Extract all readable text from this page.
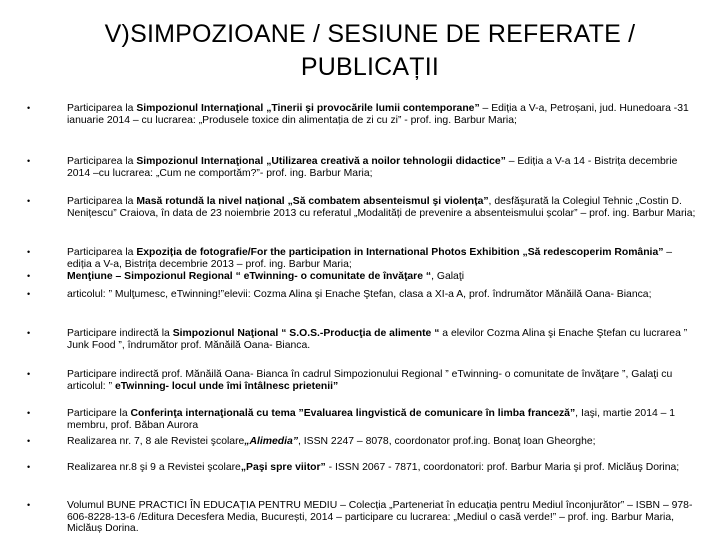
V)SIMPOZIOANE / SESIUNE DE REFERATE /
PUBLICAȚII
•	Participarea la Simpozionul Internaţional „Tinerii şi provocările lumii contemporane” – Ediția a V-a, Petroșani, jud. Hunedoara -31 ianuarie 2014 – cu lucrarea: „Produsele toxice din alimentația de zi cu zi” - prof. ing. Barbur Maria;
•	Participarea la Simpozionul Internaţional „Utilizarea creativă a noilor tehnologii didactice” – Ediția a V-a 14 - Bistrița decembrie 2014 –cu lucrarea: „Cum ne comportăm?”- prof. ing. Barbur Maria;
•	Participarea la Masă rotundă la nivel național „Să combatem absenteismul şi violența”, desfăşurată la Colegiul Tehnic „Costin D. Nenițescu” Craiova, în data de 23 noiembrie 2013 cu referatul „Modalități de prevenire a absenteismului școlar” – prof. ing. Barbur Maria;
•	Participarea la Expoziția de fotografie/For the participation in International Photos Exhibition „Să redescoperim România” – ediția a V-a, Bistrița decembrie 2013 – prof. ing. Barbur Maria;
•	Menţiune – Simpozionul Regional “ eTwinning- o comunitate de învăţare “, Galaţi
•	articolul: ” Mulţumesc, eTwinning!”elevii: Cozma Alina şi Enache Ştefan, clasa a XI-a A, prof. îndrumător Mănăilă Oana- Bianca;
•	Participare indirectă la Simpozionul Naţional “ S.O.S.-Producţia de alimente “ a elevilor Cozma Alina şi Enache Ştefan cu lucrarea ” Junk Food ”, îndrumător prof. Mănăilă Oana- Bianca.
•	Participare indirectă prof. Mănăilă Oana- Bianca în cadrul Simpozionului Regional ” eTwinning- o comunitate de învăţare ”, Galaţi cu articolul: ” eTwinning- locul unde îmi întâlnesc prietenii”
•	Participare la Conferinţa internaţională cu tema ”Evaluarea lingvistică de comunicare în limba franceză”, Iaşi, martie 2014 – 1 membru, prof. Băban Aurora
•	Realizarea nr. 7, 8 ale Revistei şcolare„Alimedia”, ISSN 2247 – 8078, coordonator prof.ing. Bonaţ Ioan Gheorghe;
•	Realizarea nr.8 şi 9 a Revistei şcolare„Paşi spre viitor” - ISSN 2067 - 7871, coordonatori: prof. Barbur Maria şi prof. Miclăuş Dorina;
•	Volumul BUNE PRACTICI ÎN EDUCAȚIA PENTRU MEDIU – Colecția „Parteneriat în educația pentru Mediul înconjurător” – ISBN – 978-606-8228-13-6 /Editura Decesfera Media, București, 2014 – participare cu lucrarea: „Mediul o casă verde!” – prof. ing. Barbur Maria, Miclăuș Dorina.
